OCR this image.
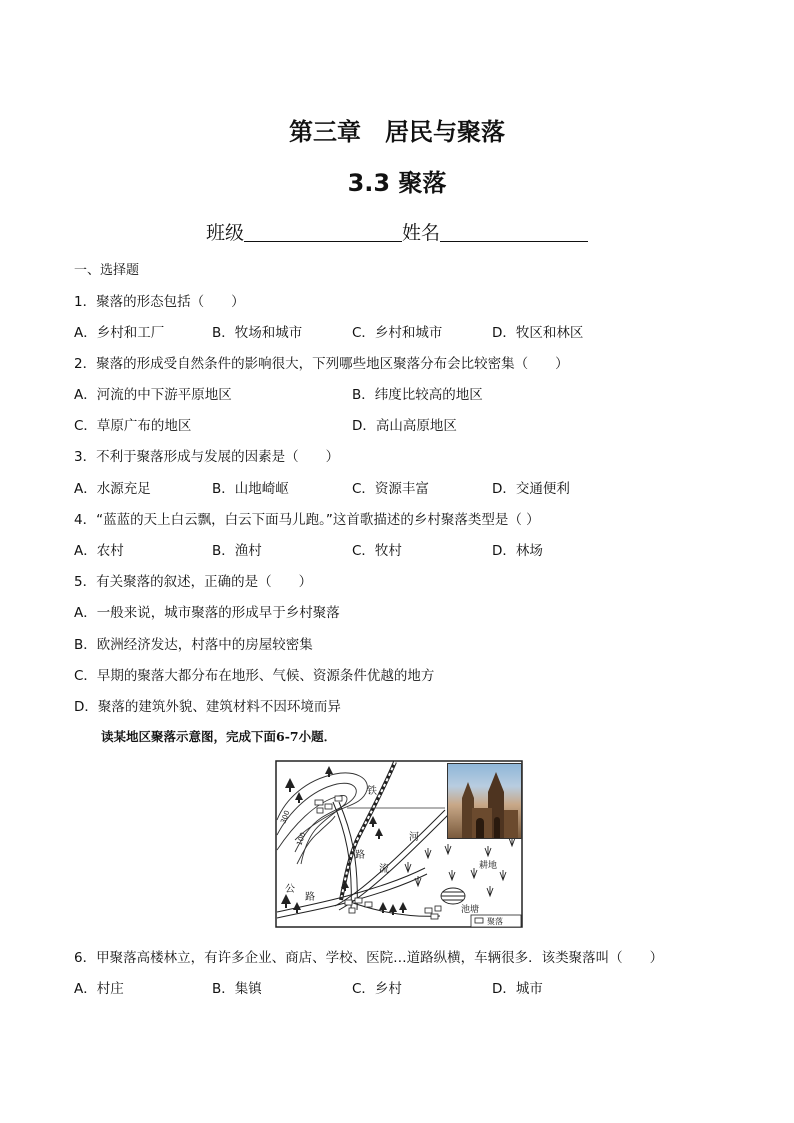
第三章　居民与聚落
3.3 聚落
班级	姓名
一、选择题
1．聚落的形态包括（　　）
A．乡村和工厂	B．牧场和城市	C．乡村和城市	D．牧区和林区
2．聚落的形成受自然条件的影响很大，下列哪些地区聚落分布会比较密集（　　）
A．河流的中下游平原地区	B．纬度比较高的地区
C．草原广布的地区	D．高山高原地区
3．不利于聚落形成与发展的因素是（　　）
A．水源充足	B．山地崎岖	C．资源丰富	D．交通便利
4．“蓝蓝的天上白云飘，白云下面马儿跑。”这首歌描述的乡村聚落类型是（ ）
A．农村	B．渔村	C．牧村	D．林场
5．有关聚落的叙述，正确的是（　　）
A．一般来说，城市聚落的形成早于乡村聚落
B．欧洲经济发达，村落中的房屋较密集
C．早期的聚落大都分布在地形、气候、资源条件优越的地方
D．聚落的建筑外貌、建筑材料不因环境而异
读某地区聚落示意图，完成下面6-7小题．
300
100
铁
河
流
路
路
公
耕地
池塘
聚落
6．甲聚落高楼林立，有许多企业、商店、学校、医院…道路纵横，车辆很多．该类聚落叫（　　）
A．村庄	B．集镇	C．乡村	D．城市
